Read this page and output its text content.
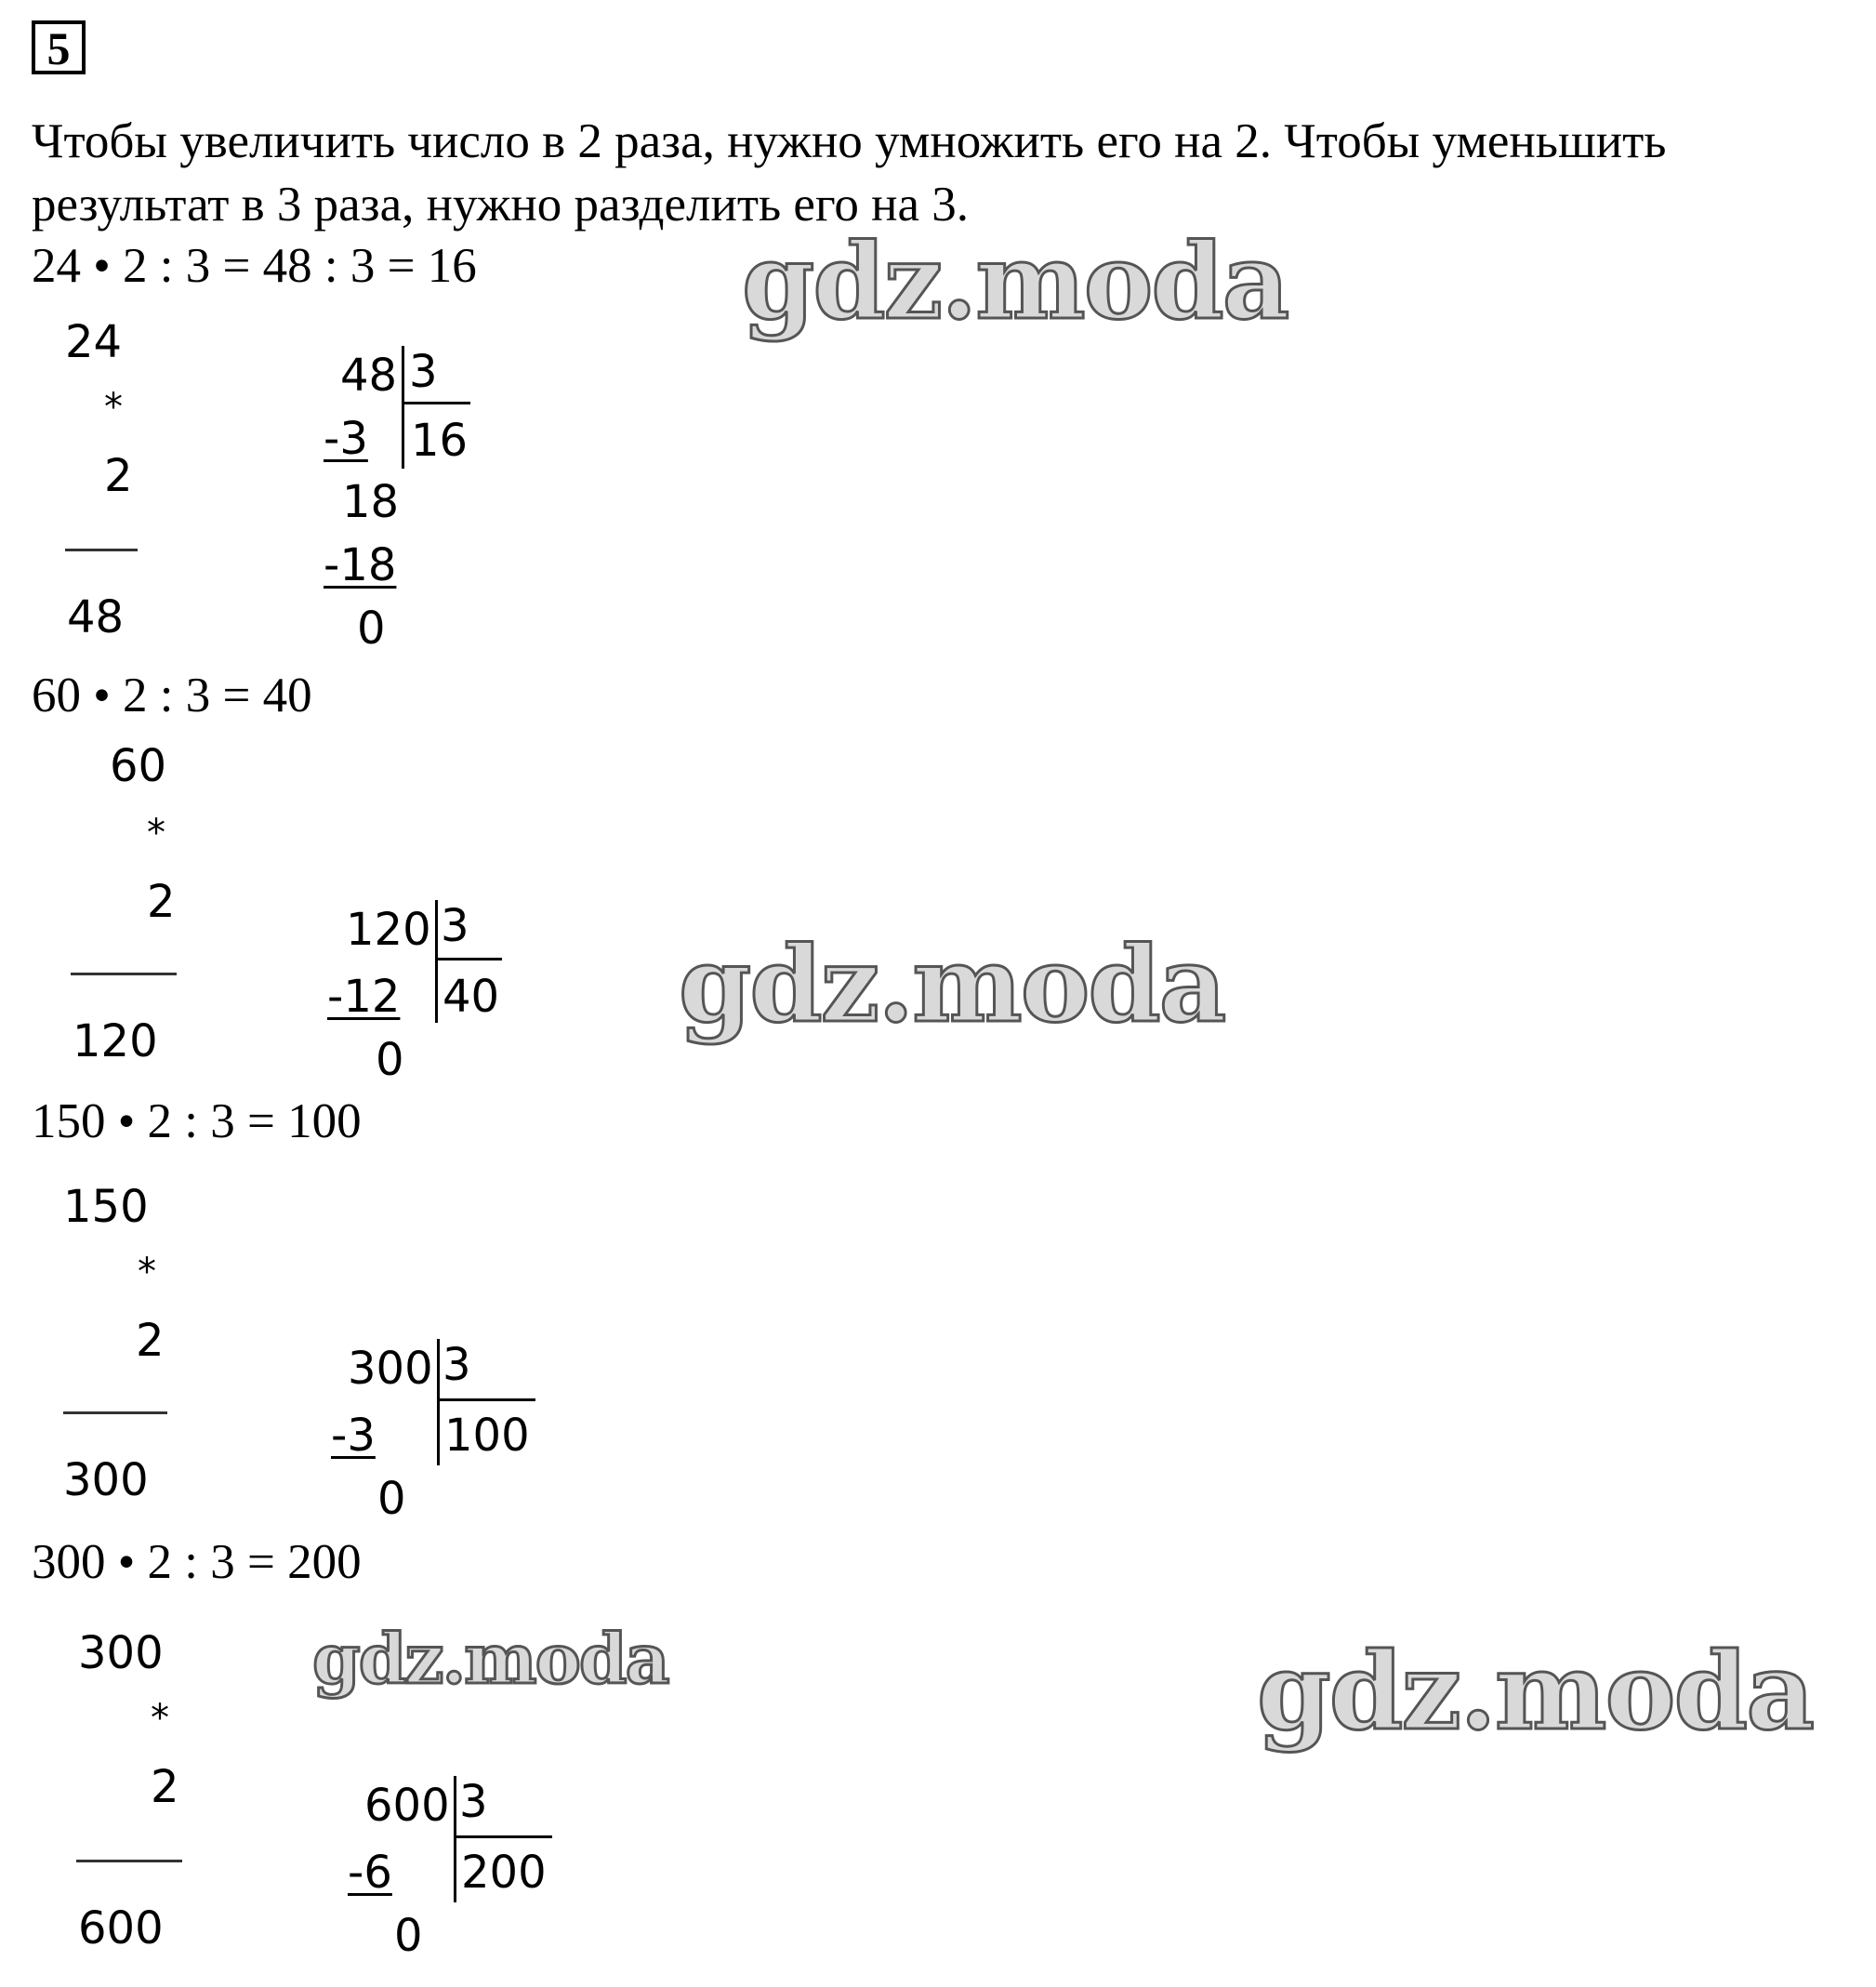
5
Чтобы увеличить число в 2 раза, нужно умножить его на 2. Чтобы уменьшить результат в 3 раза, нужно разделить его на 3.
24 • 2 : 3 = 48 : 3 = 16
24
*
2
48
48 3
16
-3
18
-18
0
60 • 2 : 3 = 40
60
*
2
120
120 3
40
-12
0
150 • 2 : 3 = 100
150
*
2
300
300 3
100
-3
0
300 • 2 : 3 = 200
300
*
2
600
600 3
200
-6
0
gdz.moda
gdz.moda
gdz.moda	gdz.moda
